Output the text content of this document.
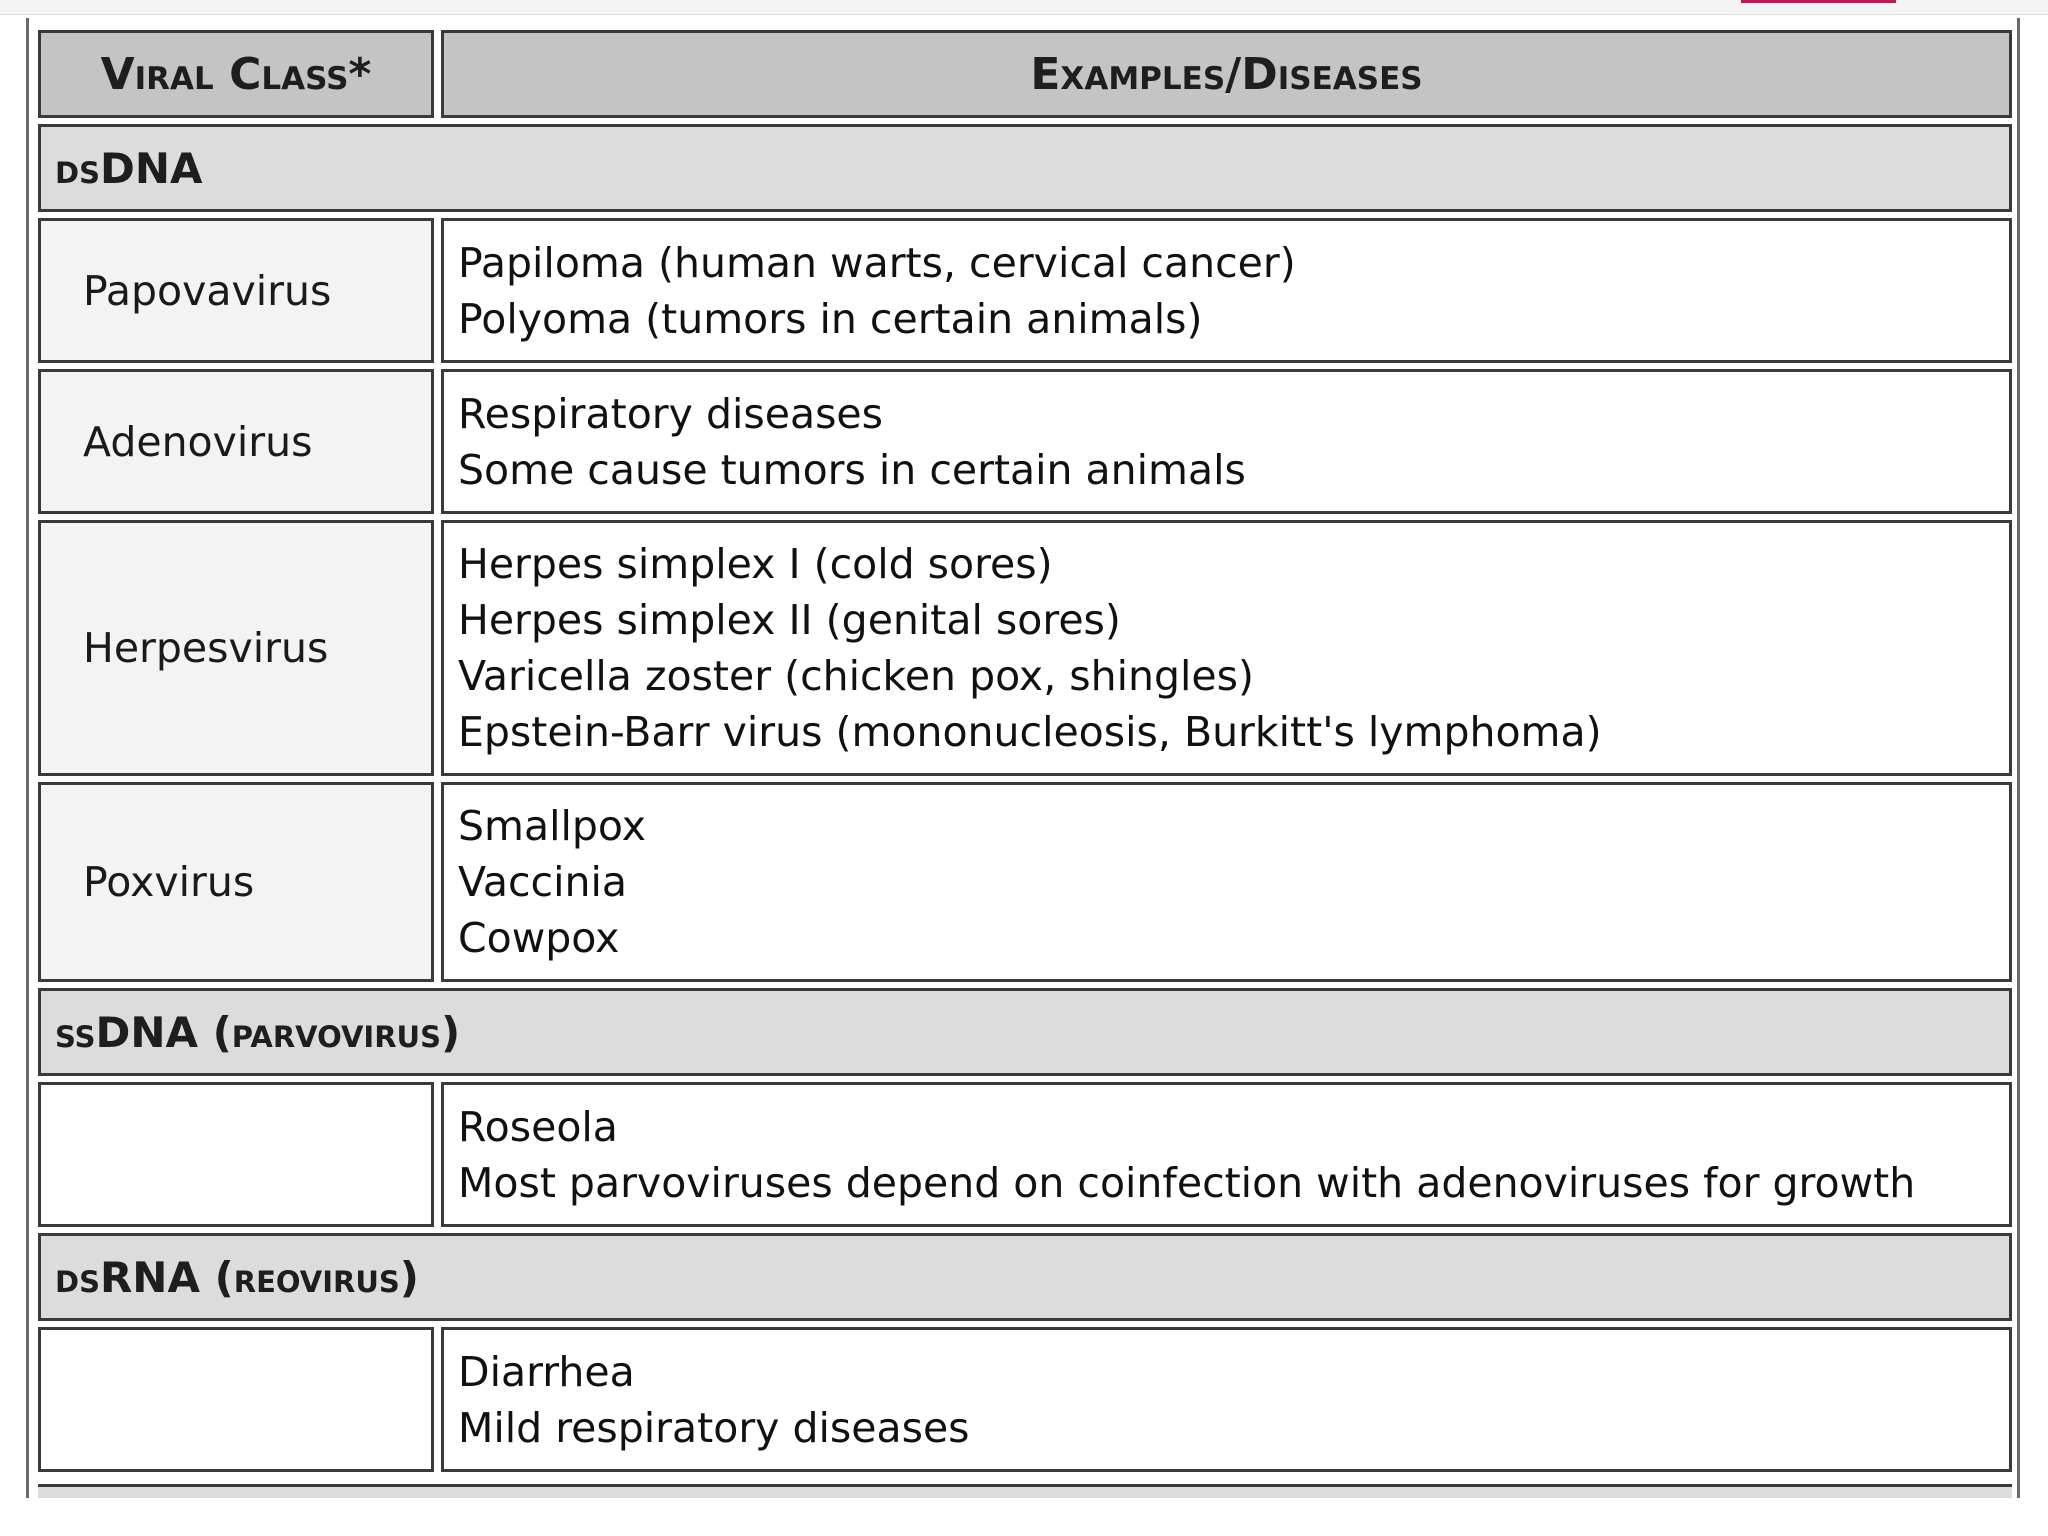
Viral Class*	Examples/Diseases
dsDNA
Papovavirus
Papiloma (human warts, cervical cancer)
Polyoma (tumors in certain animals)
Adenovirus
Respiratory diseases
Some cause tumors in certain animals
Herpesvirus
Herpes simplex I (cold sores)
Herpes simplex II (genital sores)
Varicella zoster (chicken pox, shingles)
Epstein-Barr virus (mononucleosis, Burkitt's lymphoma)
Poxvirus
Smallpox
Vaccinia
Cowpox
ssDNA (parvovirus)
Roseola
Most parvoviruses depend on coinfection with adenoviruses for growth
dsRNA (reovirus)
Diarrhea
Mild respiratory diseases
